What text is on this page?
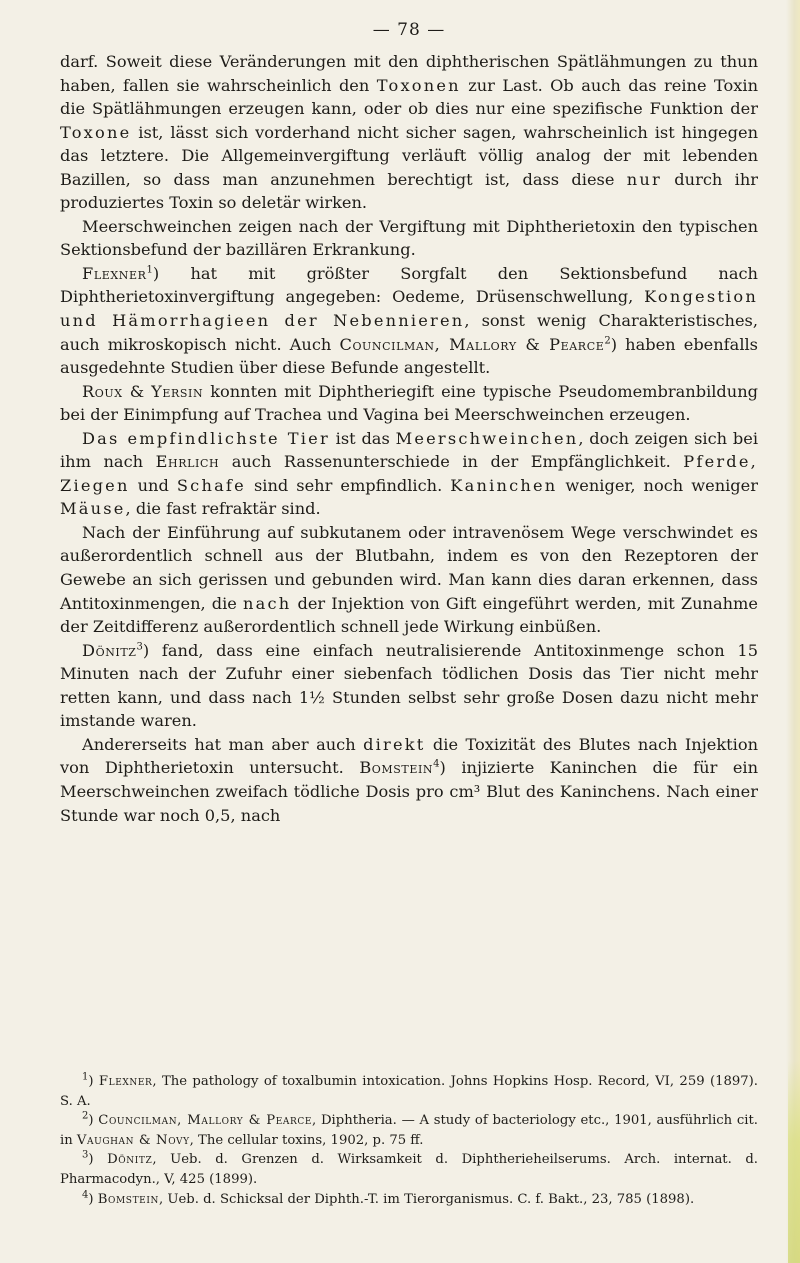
— 78 —

darf. Soweit diese Veränderungen mit den diphtherischen Spätlähmungen zu thun haben, fallen sie wahrscheinlich den Toxonen zur Last. Ob auch das reine Toxin die Spätlähmungen erzeugen kann, oder ob dies nur eine spezifische Funktion der Toxone ist, lässt sich vorderhand nicht sicher sagen, wahrscheinlich ist hingegen das letztere. Die Allgemeinvergiftung verläuft völlig analog der mit lebenden Bazillen, so dass man anzunehmen berechtigt ist, dass diese nur durch ihr produziertes Toxin so deletär wirken.

Meerschweinchen zeigen nach der Vergiftung mit Diphtherietoxin den typischen Sektionsbefund der bazillären Erkrankung.

Flexner$^1$) hat mit größter Sorgfalt den Sektionsbefund nach Diphtherietoxinvergiftung angegeben: Oedeme, Drüsenschwellung, Kongestion und Hämorrhagieen der Nebennieren, sonst wenig Charakteristisches, auch mikroskopisch nicht. Auch Councilman, Mallory & Pearce$^2$) haben ebenfalls ausgedehnte Studien über diese Befunde angestellt.

Roux & Yersin konnten mit Diphtheriegift eine typische Pseudomembranbildung bei der Einimpfung auf Trachea und Vagina bei Meerschweinchen erzeugen.

Das empfindlichste Tier ist das Meerschweinchen, doch zeigen sich bei ihm nach Ehrlich auch Rassenunterschiede in der Empfänglichkeit. Pferde, Ziegen und Schafe sind sehr empfindlich. Kaninchen weniger, noch weniger Mäuse, die fast refraktär sind.

Nach der Einführung auf subkutanem oder intravenösem Wege verschwindet es außerordentlich schnell aus der Blutbahn, indem es von den Rezeptoren der Gewebe an sich gerissen und gebunden wird. Man kann dies daran erkennen, dass Antitoxinmengen, die nach der Injektion von Gift eingeführt werden, mit Zunahme der Zeitdifferenz außerordentlich schnell jede Wirkung einbüßen.

Dönitz$^3$) fand, dass eine einfach neutralisierende Antitoxinmenge schon 15 Minuten nach der Zufuhr einer siebenfach tödlichen Dosis das Tier nicht mehr retten kann, und dass nach 1½ Stunden selbst sehr große Dosen dazu nicht mehr imstande waren.

Andererseits hat man aber auch direkt die Toxizität des Blutes nach Injektion von Diphtherietoxin untersucht. Bomstein$^4$) injizierte Kaninchen die für ein Meerschweinchen zweifach tödliche Dosis pro cm³ Blut des Kaninchens. Nach einer Stunde war noch 0,5, nach

$^1$) Flexner, The pathology of toxalbumin intoxication. Johns Hopkins Hosp. Record, VI, 259 (1897). S. A.

$^2$) Councilman, Mallory & Pearce, Diphtheria. — A study of bacteriology etc., 1901, ausführlich cit. in Vaughan & Novy, The cellular toxins, 1902, p. 75 ff.

$^3$) Dönitz, Ueb. d. Grenzen d. Wirksamkeit d. Diphtherieheilserums. Arch. internat. d. Pharmacodyn., V, 425 (1899).

$^4$) Bomstein, Ueb. d. Schicksal der Diphth.-T. im Tierorganismus. C. f. Bakt., 23, 785 (1898).
